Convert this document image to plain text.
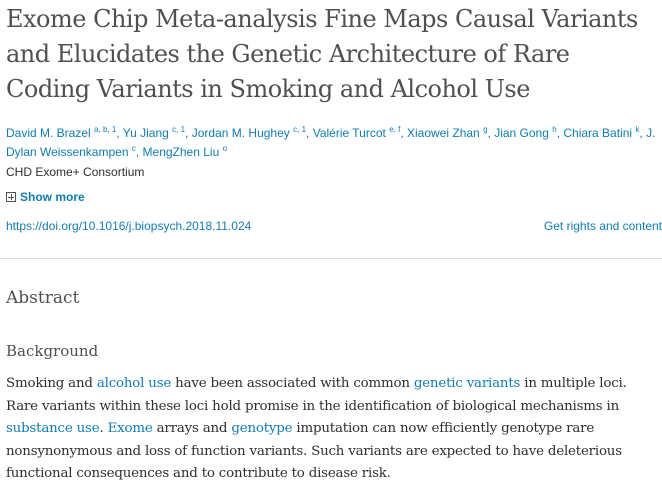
Exome Chip Meta-analysis Fine Maps Causal Variants and Elucidates the Genetic Architecture of Rare Coding Variants in Smoking and Alcohol Use
David M. Brazel $^{a, b, 1}$, Yu Jiang $^{c, 1}$, Jordan M. Hughey $^{c, 1}$, Valérie Turcot $^{e, f}$, Xiaowei Zhan $^g$, Jian Gong $^h$, Chiara Batini $^k$, J. Dylan Weissenkampen $^c$, MengZhen Liu $^o$
CHD Exome+ Consortium
Show more
https://doi.org/10.1016/j.biopsych.2018.11.024	Get rights and content
Abstract
Background

Smoking and alcohol use have been associated with common genetic variants in multiple loci. Rare variants within these loci hold promise in the identification of biological mechanisms in substance use. Exome arrays and genotype imputation can now efficiently genotype rare nonsynonymous and loss of function variants. Such variants are expected to have deleterious functional consequences and to contribute to disease risk.
